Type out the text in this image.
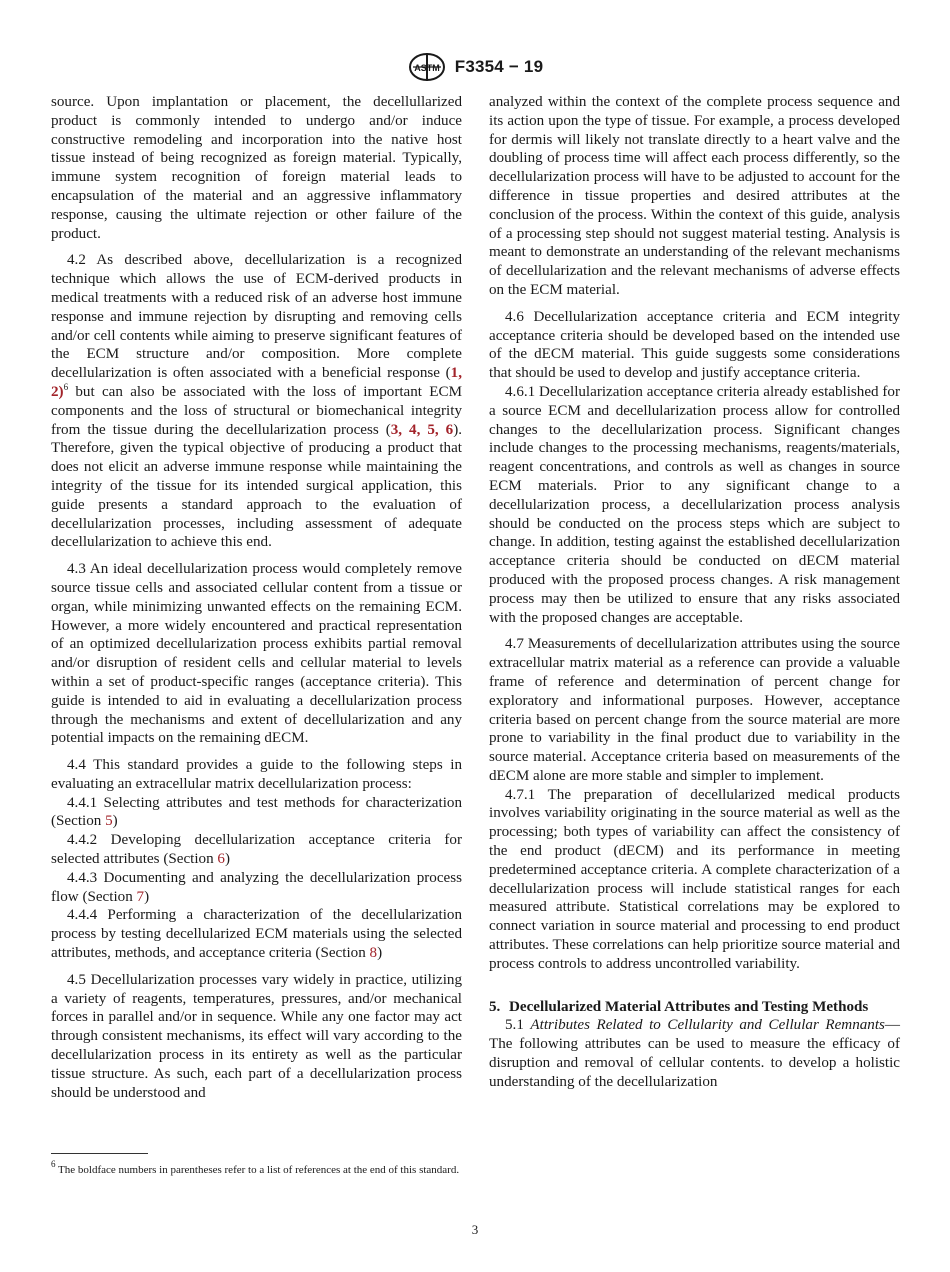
ASTM F3354 − 19

source. Upon implantation or placement, the decellullarized product is commonly intended to undergo and/or induce constructive remodeling and incorporation into the native host tissue instead of being recognized as foreign material. Typically, immune system recognition of foreign material leads to encapsulation of the material and an aggressive inflammatory response, causing the ultimate rejection or other failure of the product.

4.2 As described above, decellularization is a recognized technique which allows the use of ECM-derived products in medical treatments with a reduced risk of an adverse host immune response and immune rejection by disrupting and removing cells and/or cell contents while aiming to preserve significant features of the ECM structure and/or composition. More complete decellularization is often associated with a beneficial response (1, 2)$^6$ but can also be associated with the loss of important ECM components and the loss of structural or biomechanical integrity from the tissue during the decellularization process (3, 4, 5, 6). Therefore, given the typical objective of producing a product that does not elicit an adverse immune response while maintaining the integrity of the tissue for its intended surgical application, this guide presents a standard approach to the evaluation of decellularization processes, including assessment of adequate decellularization to achieve this end.

4.3 An ideal decellularization process would completely remove source tissue cells and associated cellular content from a tissue or organ, while minimizing unwanted effects on the remaining ECM. However, a more widely encountered and practical representation of an optimized decellularization process exhibits partial removal and/or disruption of resident cells and cellular material to levels within a set of product-specific ranges (acceptance criteria). This guide is intended to aid in evaluating a decellularization process through the mechanisms and extent of decellularization and any potential impacts on the remaining dECM.

4.4 This standard provides a guide to the following steps in evaluating an extracellular matrix decellularization process:

4.4.1 Selecting attributes and test methods for characterization (Section 5)

4.4.2 Developing decellularization acceptance criteria for selected attributes (Section 6)

4.4.3 Documenting and analyzing the decellularization process flow (Section 7)

4.4.4 Performing a characterization of the decellularization process by testing decellularized ECM materials using the selected attributes, methods, and acceptance criteria (Section 8)

4.5 Decellularization processes vary widely in practice, utilizing a variety of reagents, temperatures, pressures, and/or mechanical forces in parallel and/or in sequence. While any one factor may act through consistent mechanisms, its effect will vary according to the decellularization process in its entirety as well as the particular tissue structure. As such, each part of a decellularization process should be understood and

analyzed within the context of the complete process sequence and its action upon the type of tissue. For example, a process developed for dermis will likely not translate directly to a heart valve and the doubling of process time will affect each process differently, so the decellularization process will have to be adjusted to account for the difference in tissue properties and desired attributes at the conclusion of the process. Within the context of this guide, analysis of a processing step should not suggest material testing. Analysis is meant to demonstrate an understanding of the relevant mechanisms of decellularization and the relevant mechanisms of adverse effects on the ECM material.

4.6 Decellularization acceptance criteria and ECM integrity acceptance criteria should be developed based on the intended use of the dECM material. This guide suggests some considerations that should be used to develop and justify acceptance criteria.

4.6.1 Decellularization acceptance criteria already established for a source ECM and decellularization process allow for controlled changes to the decellularization process. Significant changes include changes to the processing mechanisms, reagents/materials, reagent concentrations, and controls as well as changes in source ECM materials. Prior to any significant change to a decellularization process, a decellularization process analysis should be conducted on the process steps which are subject to change. In addition, testing against the established decellularization acceptance criteria should be conducted on dECM material produced with the proposed process changes. A risk management process may then be utilized to ensure that any risks associated with the proposed changes are acceptable.

4.7 Measurements of decellularization attributes using the source extracellular matrix material as a reference can provide a valuable frame of reference and determination of percent change for exploratory and informational purposes. However, acceptance criteria based on percent change from the source material are more prone to variability in the final product due to variability in the source material. Acceptance criteria based on measurements of the dECM alone are more stable and simpler to implement.

4.7.1 The preparation of decellularized medical products involves variability originating in the source material as well as the processing; both types of variability can affect the consistency of the end product (dECM) and its performance in meeting predetermined acceptance criteria. A complete characterization of a decellularization process will include statistical ranges for each measured attribute. Statistical correlations may be explored to connect variation in source material and processing to end product attributes. These correlations can help prioritize source material and process controls to address uncontrolled variability.

5. Decellularized Material Attributes and Testing Methods

5.1 Attributes Related to Cellularity and Cellular Remnants—The following attributes can be used to measure the efficacy of disruption and removal of cellular contents. to develop a holistic understanding of the decellularization

$^6$ The boldface numbers in parentheses refer to a list of references at the end of this standard.
3
